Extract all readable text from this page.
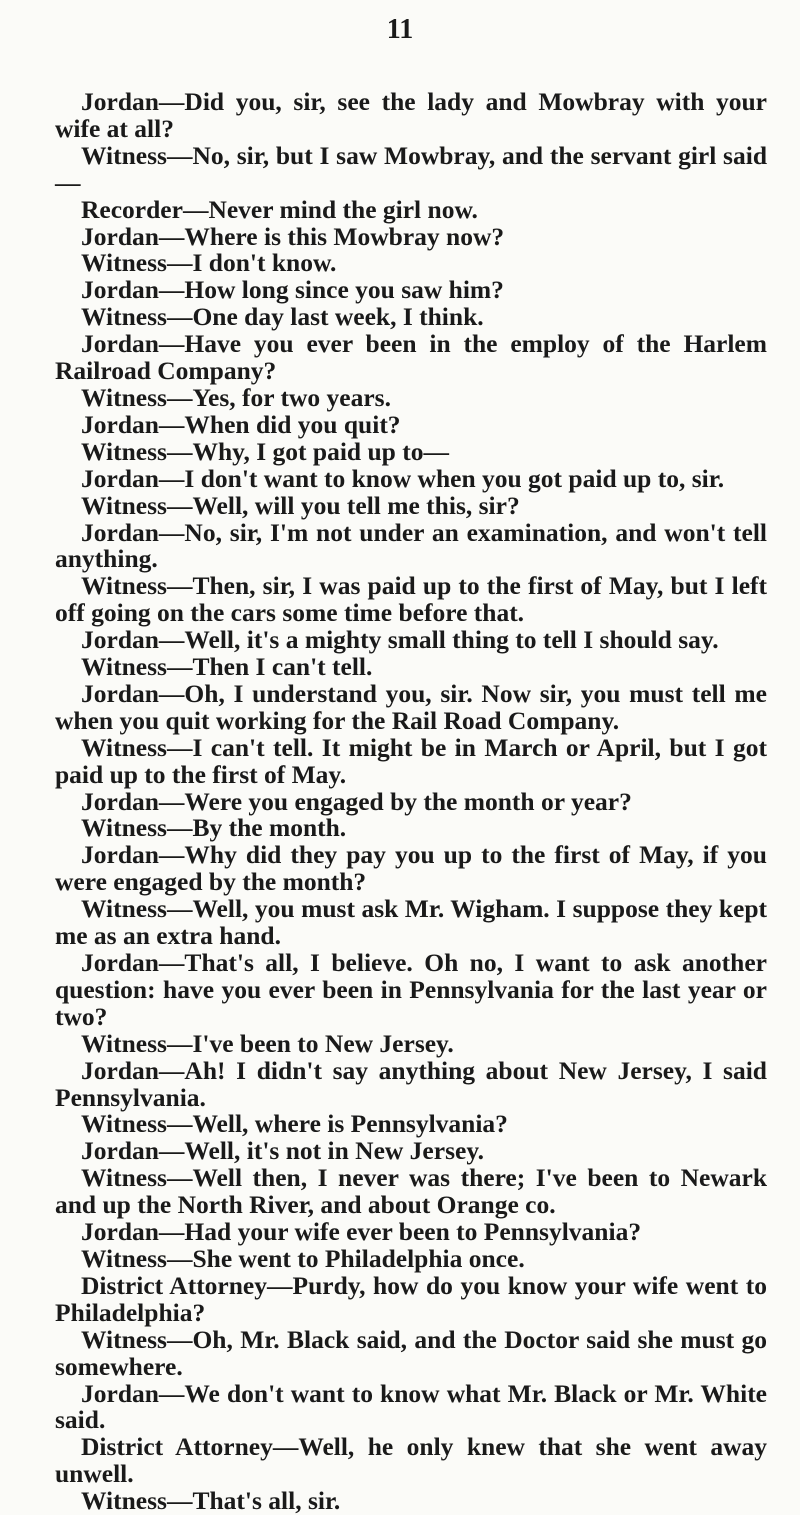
11

Jordan—Did you, sir, see the lady and Mowbray with your wife at all?

Witness—No, sir, but I saw Mowbray, and the servant girl said—

Recorder—Never mind the girl now.

Jordan—Where is this Mowbray now?

Witness—I don't know.

Jordan—How long since you saw him?

Witness—One day last week, I think.

Jordan—Have you ever been in the employ of the Harlem Railroad Company?

Witness—Yes, for two years.

Jordan—When did you quit?

Witness—Why, I got paid up to—

Jordan—I don't want to know when you got paid up to, sir.

Witness—Well, will you tell me this, sir?

Jordan—No, sir, I'm not under an examination, and won't tell anything.

Witness—Then, sir, I was paid up to the first of May, but I left off going on the cars some time before that.

Jordan—Well, it's a mighty small thing to tell I should say.

Witness—Then I can't tell.

Jordan—Oh, I understand you, sir. Now sir, you must tell me when you quit working for the Rail Road Company.

Witness—I can't tell. It might be in March or April, but I got paid up to the first of May.

Jordan—Were you engaged by the month or year?

Witness—By the month.

Jordan—Why did they pay you up to the first of May, if you were engaged by the month?

Witness—Well, you must ask Mr. Wigham. I suppose they kept me as an extra hand.

Jordan—That's all, I believe. Oh no, I want to ask another question: have you ever been in Pennsylvania for the last year or two?

Witness—I've been to New Jersey.

Jordan—Ah! I didn't say anything about New Jersey, I said Pennsylvania.

Witness—Well, where is Pennsylvania?

Jordan—Well, it's not in New Jersey.

Witness—Well then, I never was there; I've been to Newark and up the North River, and about Orange co.

Jordan—Had your wife ever been to Pennsylvania?

Witness—She went to Philadelphia once.

District Attorney—Purdy, how do you know your wife went to Philadelphia?

Witness—Oh, Mr. Black said, and the Doctor said she must go somewhere.

Jordan—We don't want to know what Mr. Black or Mr. White said.

District Attorney—Well, he only knew that she went away unwell.

Witness—That's all, sir.
